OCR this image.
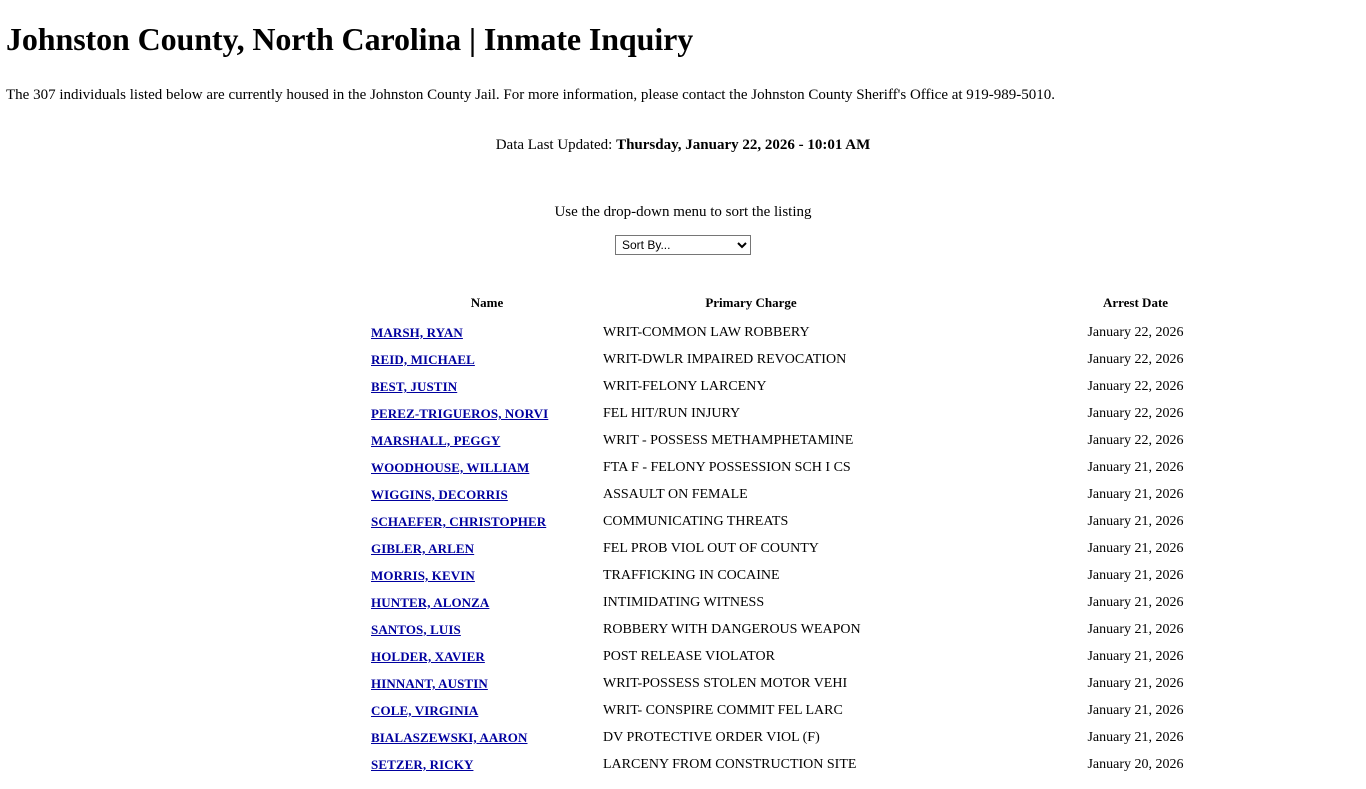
Johnston County, North Carolina | Inmate Inquiry

The 307 individuals listed below are currently housed in the Johnston County Jail. For more information, please contact the Johnston County Sheriff's Office at 919-989-5010.

Data Last Updated: Thursday, January 22, 2026 - 10:01 AM

Use the drop-down menu to sort the listing

Sort By...
	Name	Primary Charge	Arrest Date
	MARSH, RYAN	WRIT-COMMON LAW ROBBERY	January 22, 2026
	REID, MICHAEL	WRIT-DWLR IMPAIRED REVOCATION	January 22, 2026
	BEST, JUSTIN	WRIT-FELONY LARCENY	January 22, 2026
	PEREZ-TRIGUEROS, NORVI	FEL HIT/RUN INJURY	January 22, 2026
	MARSHALL, PEGGY	WRIT - POSSESS METHAMPHETAMINE	January 22, 2026
	WOODHOUSE, WILLIAM	FTA F - FELONY POSSESSION SCH I CS	January 21, 2026
	WIGGINS, DECORRIS	ASSAULT ON FEMALE	January 21, 2026
	SCHAEFER, CHRISTOPHER	COMMUNICATING THREATS	January 21, 2026
	GIBLER, ARLEN	FEL PROB VIOL OUT OF COUNTY	January 21, 2026
	MORRIS, KEVIN	TRAFFICKING IN COCAINE	January 21, 2026
	HUNTER, ALONZA	INTIMIDATING WITNESS	January 21, 2026
	SANTOS, LUIS	ROBBERY WITH DANGEROUS WEAPON	January 21, 2026
	HOLDER, XAVIER	POST RELEASE VIOLATOR	January 21, 2026
	HINNANT, AUSTIN	WRIT-POSSESS STOLEN MOTOR VEHI	January 21, 2026
	COLE, VIRGINIA	WRIT- CONSPIRE COMMIT FEL LARC	January 21, 2026
	BIALASZEWSKI, AARON	DV PROTECTIVE ORDER VIOL (F)	January 21, 2026
	SETZER, RICKY	LARCENY FROM CONSTRUCTION SITE	January 20, 2026
